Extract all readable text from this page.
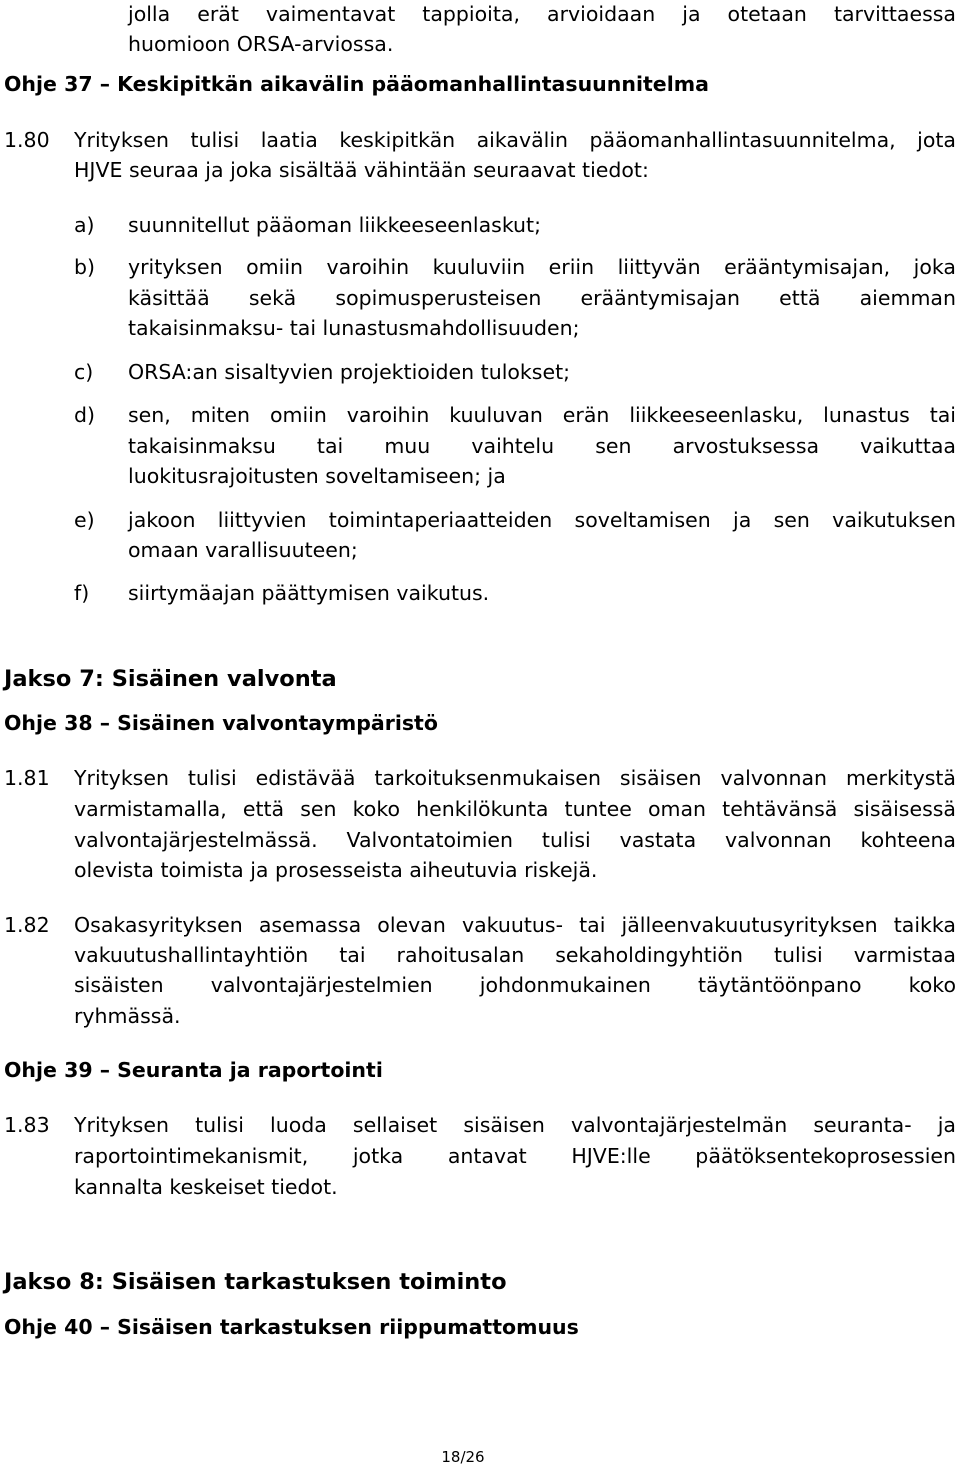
jolla erät vaimentavat tappioita, arvioidaan ja otetaan tarvittaessa
huomioon ORSA-arviossa.
Ohje 37 – Keskipitkän aikavälin pääomanhallintasuunnitelma
1.80 Yrityksen tulisi laatia keskipitkän aikavälin pääomanhallintasuunnitelma, jota
HJVE seuraa ja joka sisältää vähintään seuraavat tiedot:
a) suunnitellut pääoman liikkeeseenlaskut;
b) yrityksen omiin varoihin kuuluviin eriin liittyvän erääntymisajan, joka
käsittää sekä sopimusperusteisen erääntymisajan että aiemman
takaisinmaksu- tai lunastusmahdollisuuden;
c) ORSA:an sisaltyvien projektioiden tulokset;
d) sen, miten omiin varoihin kuuluvan erän liikkeeseenlasku, lunastus tai
takaisinmaksu tai muu vaihtelu sen arvostuksessa vaikuttaa
luokitusrajoitusten soveltamiseen; ja
e) jakoon liittyvien toimintaperiaatteiden soveltamisen ja sen vaikutuksen
omaan varallisuuteen;
f) siirtymäajan päättymisen vaikutus.
Jakso 7: Sisäinen valvonta
Ohje 38 – Sisäinen valvontaympäristö
1.81 Yrityksen tulisi edistävää tarkoituksenmukaisen sisäisen valvonnan merkitystä
varmistamalla, että sen koko henkilökunta tuntee oman tehtävänsä sisäisessä
valvontajärjestelmässä. Valvontatoimien tulisi vastata valvonnan kohteena
olevista toimista ja prosesseista aiheutuvia riskejä.
1.82 Osakasyrityksen asemassa olevan vakuutus- tai jälleenvakuutusyrityksen taikka
vakuutushallintayhtiön tai rahoitusalan sekaholdingyhtiön tulisi varmistaa
sisäisten valvontajärjestelmien johdonmukainen täytäntöönpano koko
ryhmässä.
Ohje 39 – Seuranta ja raportointi
1.83 Yrityksen tulisi luoda sellaiset sisäisen valvontajärjestelmän seuranta- ja
raportointimekanismit, jotka antavat HJVE:lle päätöksentekoprosessien
kannalta keskeiset tiedot.
Jakso 8: Sisäisen tarkastuksen toiminto
Ohje 40 – Sisäisen tarkastuksen riippumattomuus
18/26
